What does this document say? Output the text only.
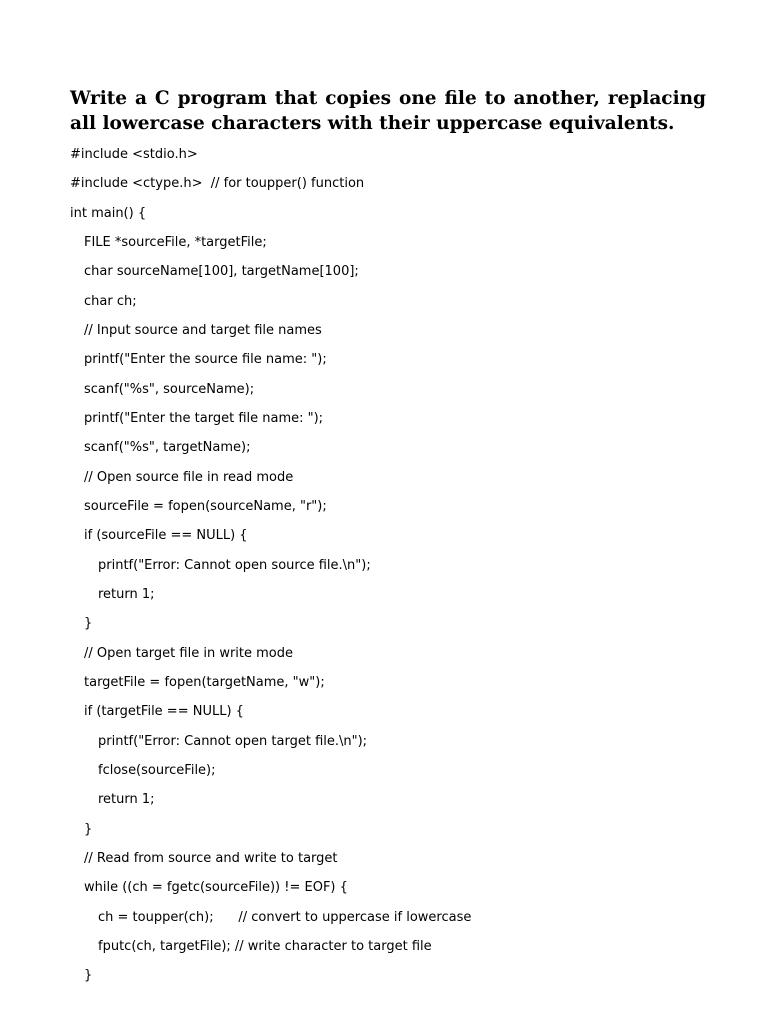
Write a C program that copies one file to another, replacing all lowercase characters with their uppercase equivalents.

#include <stdio.h>
#include <ctype.h>  // for toupper() function
int main() {
FILE *sourceFile, *targetFile;
char sourceName[100], targetName[100];
char ch;
// Input source and target file names
printf("Enter the source file name: ");
scanf("%s", sourceName);
printf("Enter the target file name: ");
scanf("%s", targetName);
// Open source file in read mode
sourceFile = fopen(sourceName, "r");
if (sourceFile == NULL) {
printf("Error: Cannot open source file.\n");
return 1;
}
// Open target file in write mode
targetFile = fopen(targetName, "w");
if (targetFile == NULL) {
printf("Error: Cannot open target file.\n");
fclose(sourceFile);
return 1;
}
// Read from source and write to target
while ((ch = fgetc(sourceFile)) != EOF) {
ch = toupper(ch);      // convert to uppercase if lowercase
fputc(ch, targetFile); // write character to target file
}
